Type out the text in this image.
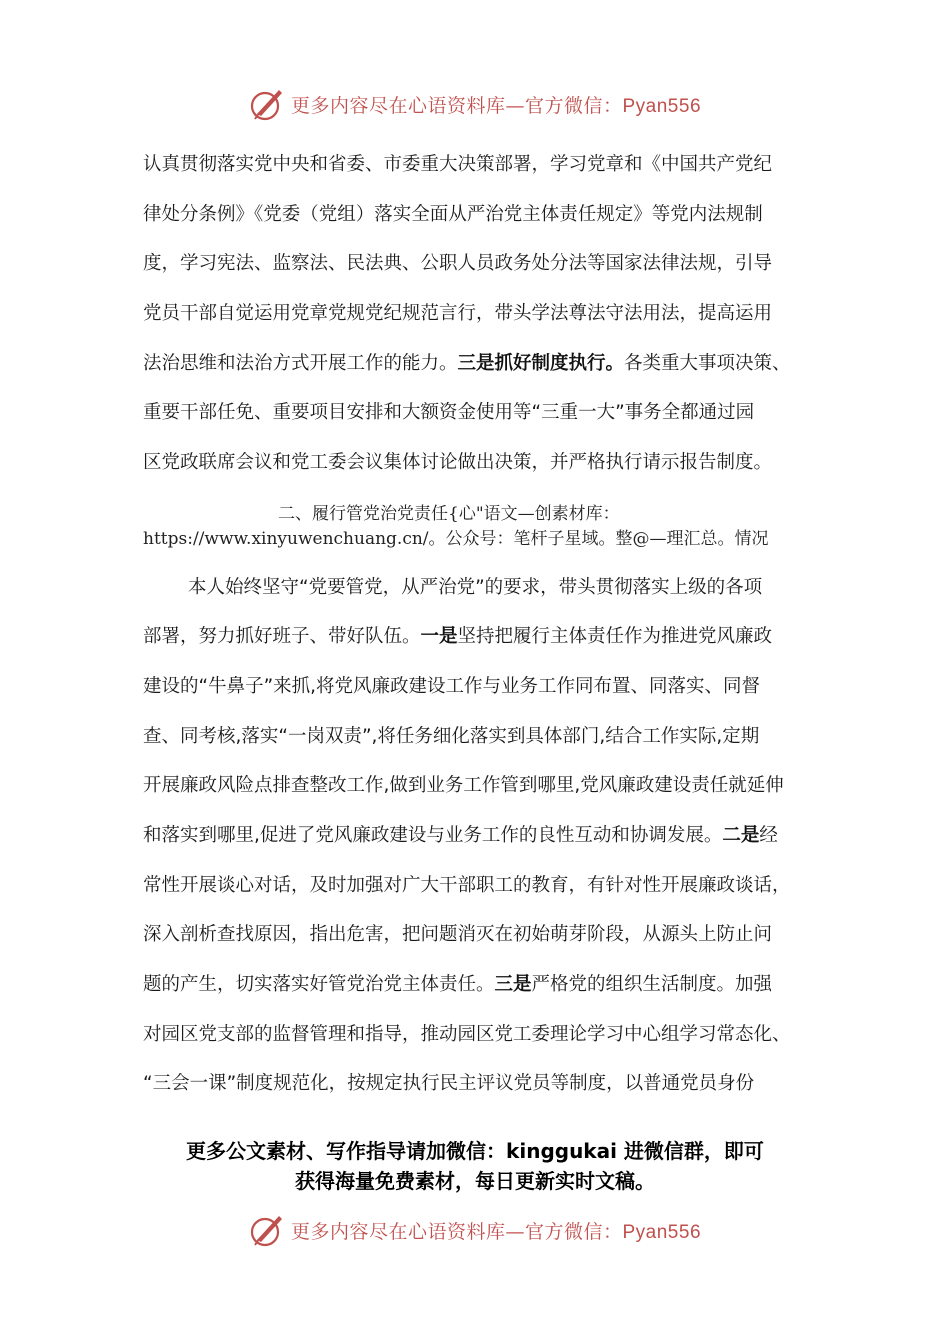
更多内容尽在心语资料库—官方微信：Pyan556
认真贯彻落实党中央和省委、市委重大决策部署，学习党章和《中国共产党纪
律处分条例》《党委（党组）落实全面从严治党主体责任规定》等党内法规制
度，学习宪法、监察法、民法典、公职人员政务处分法等国家法律法规，引导
党员干部自觉运用党章党规党纪规范言行，带头学法尊法守法用法，提高运用
法治思维和法治方式开展工作的能力。三是抓好制度执行。各类重大事项决策、
重要干部任免、重要项目安排和大额资金使用等“三重一大”事务全都通过园
区党政联席会议和党工委会议集体讨论做出决策，并严格执行请示报告制度。
二、履行管党治党责任{心"语文—创素材库：
https://www.xinyuwenchuang.cn/。公众号：笔杆子星域。整@—理汇总。情况
本人始终坚守“党要管党，从严治党”的要求，带头贯彻落实上级的各项
部署，努力抓好班子、带好队伍。一是坚持把履行主体责任作为推进党风廉政
建设的“牛鼻子”来抓,将党风廉政建设工作与业务工作同布置、同落实、同督
查、同考核,落实“一岗双责”,将任务细化落实到具体部门,结合工作实际,定期
开展廉政风险点排查整改工作,做到业务工作管到哪里,党风廉政建设责任就延伸
和落实到哪里,促进了党风廉政建设与业务工作的良性互动和协调发展。二是经
常性开展谈心对话，及时加强对广大干部职工的教育，有针对性开展廉政谈话，
深入剖析查找原因，指出危害，把问题消灭在初始萌芽阶段，从源头上防止问
题的产生，切实落实好管党治党主体责任。三是严格党的组织生活制度。加强
对园区党支部的监督管理和指导，推动园区党工委理论学习中心组学习常态化、
“三会一课”制度规范化，按规定执行民主评议党员等制度，以普通党员身份
更多公文素材、写作指导请加微信：kinggukai 进微信群，即可
获得海量免费素材，每日更新实时文稿。
更多内容尽在心语资料库—官方微信：Pyan556
